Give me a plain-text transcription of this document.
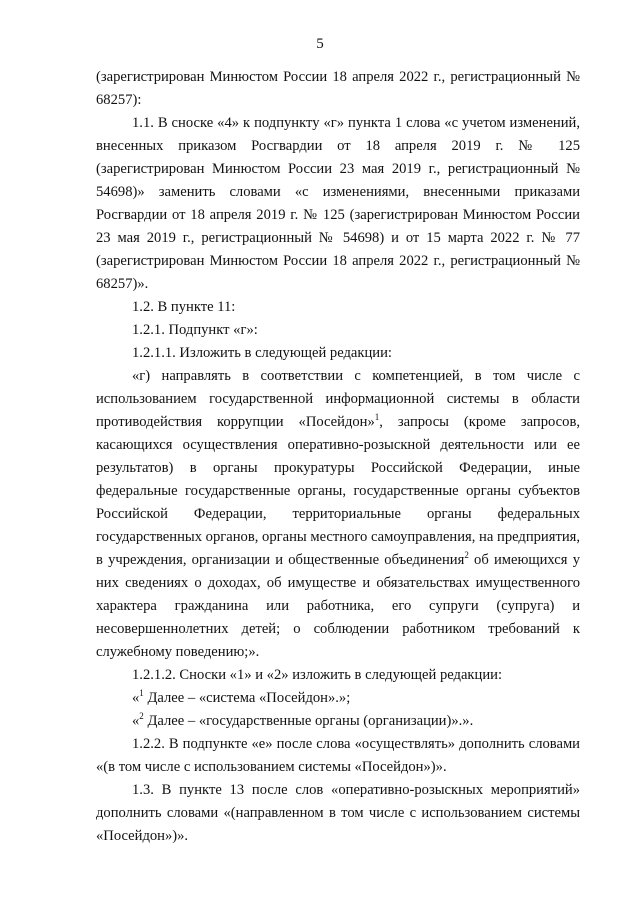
5

(зарегистрирован Минюстом России 18 апреля 2022 г., регистрационный № 68257):

1.1. В сноске «4» к подпункту «г» пункта 1 слова «с учетом изменений, внесенных приказом Росгвардии от 18 апреля 2019 г. № 125 (зарегистрирован Минюстом России 23 мая 2019 г., регистрационный № 54698)» заменить словами «с изменениями, внесенными приказами Росгвардии от 18 апреля 2019 г. № 125 (зарегистрирован Минюстом России 23 мая 2019 г., регистрационный № 54698) и от 15 марта 2022 г. № 77 (зарегистрирован Минюстом России 18 апреля 2022 г., регистрационный № 68257)».

1.2. В пункте 11:

1.2.1. Подпункт «г»:

1.2.1.1. Изложить в следующей редакции:

«г) направлять в соответствии с компетенцией, в том числе с использованием государственной информационной системы в области противодействия коррупции «Посейдон»$^1$, запросы (кроме запросов, касающихся осуществления оперативно-розыскной деятельности или ее результатов) в органы прокуратуры Российской Федерации, иные федеральные государственные органы, государственные органы субъектов Российской Федерации, территориальные органы федеральных государственных органов, органы местного самоуправления, на предприятия, в учреждения, организации и общественные объединения$^2$ об имеющихся у них сведениях о доходах, об имуществе и обязательствах имущественного характера гражданина или работника, его супруги (супруга) и несовершеннолетних детей; о соблюдении работником требований к служебному поведению;».

1.2.1.2. Сноски «1» и «2» изложить в следующей редакции:

«$^1$ Далее – «система «Посейдон».»;

«$^2$ Далее – «государственные органы (организации)».».

1.2.2. В подпункте «е» после слова «осуществлять» дополнить словами «(в том числе с использованием системы «Посейдон»)».

1.3. В пункте 13 после слов «оперативно-розыскных мероприятий» дополнить словами «(направленном в том числе с использованием системы «Посейдон»)».
